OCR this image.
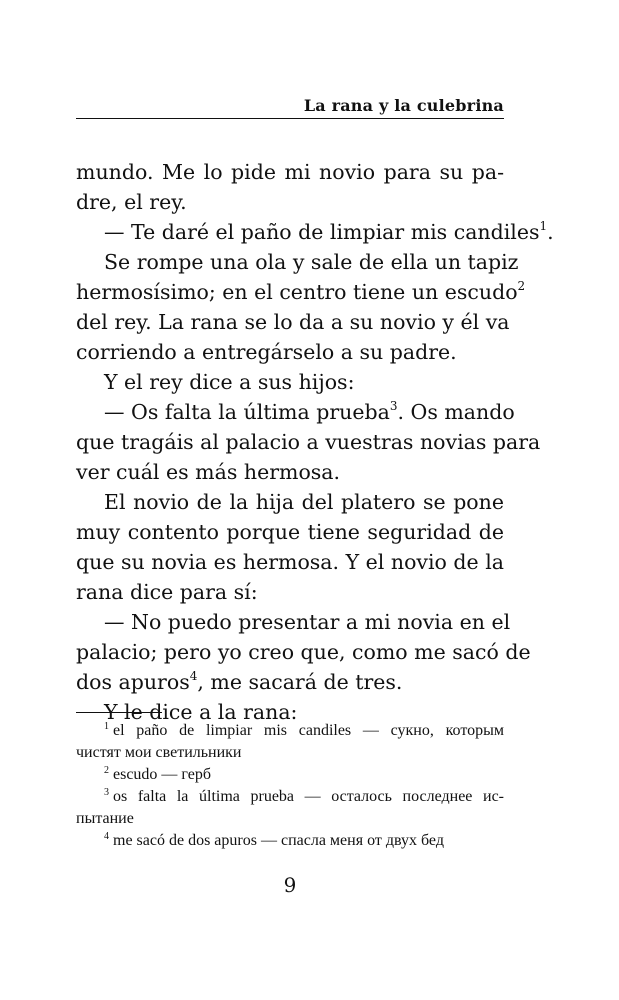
La rana y la culebrina
mundo. Me lo pide mi novio para su pa-
dre, el rey.
— Te daré el paño de limpiar mis candiles$^1$.
Se rompe una ola y sale de ella un tapiz
hermosísimo; en el centro tiene un escudo$^2$
del rey. La rana se lo da a su novio y él va
corriendo a entregárselo a su padre.
Y el rey dice a sus hijos:
— Os falta la última prueba$^3$. Os mando
que tragáis al palacio a vuestras novias para
ver cuál es más hermosa.
El novio de la hija del platero se pone
muy contento porque tiene seguridad de
que su novia es hermosa. Y el novio de la
rana dice para sí:
— No puedo presentar a mi novia en el
palacio; pero yo creo que, como me sacó de
dos apuros$^4$, me sacará de tres.
Y le dice a la rana:
$^1$ el paño de limpiar mis candiles — сукно, которым
чистят мои светильники
$^2$ escudo — герб
$^3$ os falta la última prueba — осталось последнее ис-
пытание
$^4$ me sacó de dos apuros — спасла меня от двух бед
9
